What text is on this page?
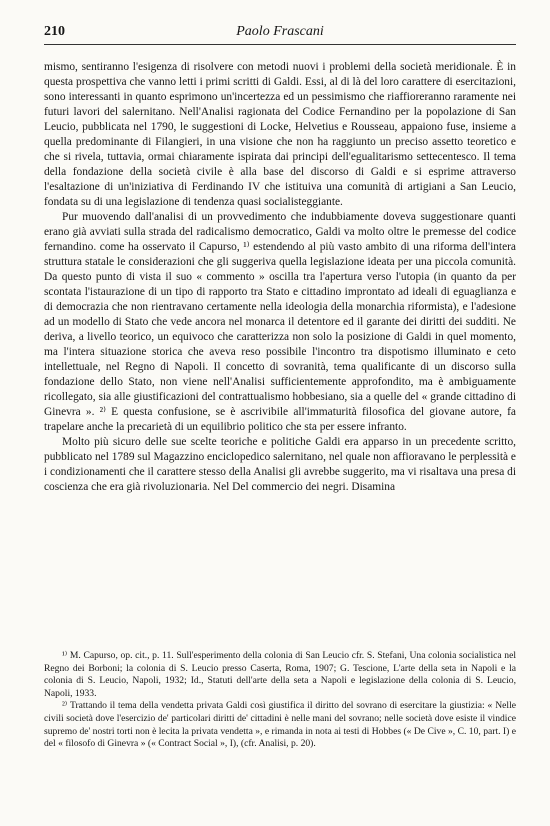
210	Paolo Frascani

mismo, sentiranno l'esigenza di risolvere con metodi nuovi i problemi della società meridionale. È in questa prospettiva che vanno letti i primi scritti di Galdi. Essi, al di là del loro carattere di esercitazioni, sono interessanti in quanto esprimono un'incertezza ed un pessimismo che riaffioreranno raramente nei futuri lavori del salernitano. Nell'Analisi ragionata del Codice Fernandino per la popolazione di San Leucio, pubblicata nel 1790, le suggestioni di Locke, Helvetius e Rousseau, appaiono fuse, insieme a quella predominante di Filangieri, in una visione che non ha raggiunto un preciso assetto teoretico e che si rivela, tuttavia, ormai chiaramente ispirata dai principi dell'egualitarismo settecentesco. Il tema della fondazione della società civile è alla base del discorso di Galdi e si esprime attraverso l'esaltazione di un'iniziativa di Ferdinando IV che istituiva una comunità di artigiani a San Leucio, fondata su di una legislazione di tendenza quasi socialisteggiante.

Pur muovendo dall'analisi di un provvedimento che indubbiamente doveva suggestionare quanti erano già avviati sulla strada del radicalismo democratico, Galdi va molto oltre le premesse del codice fernandino. come ha osservato il Capurso, ¹⁾ estendendo al più vasto ambito di una riforma dell'intera struttura statale le considerazioni che gli suggeriva quella legislazione ideata per una piccola comunità. Da questo punto di vista il suo « commento » oscilla tra l'apertura verso l'utopia (in quanto da per scontata l'istaurazione di un tipo di rapporto tra Stato e cittadino improntato ad ideali di eguaglianza e di democrazia che non rientravano certamente nella ideologia della monarchia riformista), e l'adesione ad un modello di Stato che vede ancora nel monarca il detentore ed il garante dei diritti dei sudditi. Ne deriva, a livello teorico, un equivoco che caratterizza non solo la posizione di Galdi in quel momento, ma l'intera situazione storica che aveva reso possibile l'incontro tra dispotismo illuminato e ceto intellettuale, nel Regno di Napoli. Il concetto di sovranità, tema qualificante di un discorso sulla fondazione dello Stato, non viene nell'Analisi sufficientemente approfondito, ma è ambiguamente ricollegato, sia alle giustificazioni del contrattualismo hobbesiano, sia a quelle del « grande cittadino di Ginevra ». ²⁾ E questa confusione, se è ascrivibile all'immaturità filosofica del giovane autore, fa trapelare anche la precarietà di un equilibrio politico che sta per essere infranto.

Molto più sicuro delle sue scelte teoriche e politiche Galdi era apparso in un precedente scritto, pubblicato nel 1789 sul Magazzino enciclopedico salernitano, nel quale non affioravano le perplessità e i condizionamenti che il carattere stesso della Analisi gli avrebbe suggerito, ma vi risaltava una presa di coscienza che era già rivoluzionaria. Nel Del commercio dei negri. Disamina

¹⁾ M. Capurso, op. cit., p. 11. Sull'esperimento della colonia di San Leucio cfr. S. Stefani, Una colonia socialistica nel Regno dei Borboni; la colonia di S. Leucio presso Caserta, Roma, 1907; G. Tescione, L'arte della seta in Napoli e la colonia di S. Leucio, Napoli, 1932; Id., Statuti dell'arte della seta a Napoli e legislazione della colonia di S. Leucio, Napoli, 1933.

²⁾ Trattando il tema della vendetta privata Galdi così giustifica il diritto del sovrano di esercitare la giustizia: « Nelle civili società dove l'esercizio de' particolari diritti de' cittadini è nelle mani del sovrano; nelle società dove esiste il vindice supremo de' nostri torti non è lecita la privata vendetta », e rimanda in nota ai testi di Hobbes (« De Cive », C. 10, part. I) e del « filosofo di Ginevra » (« Contract Social », I), (cfr. Analisi, p. 20).
